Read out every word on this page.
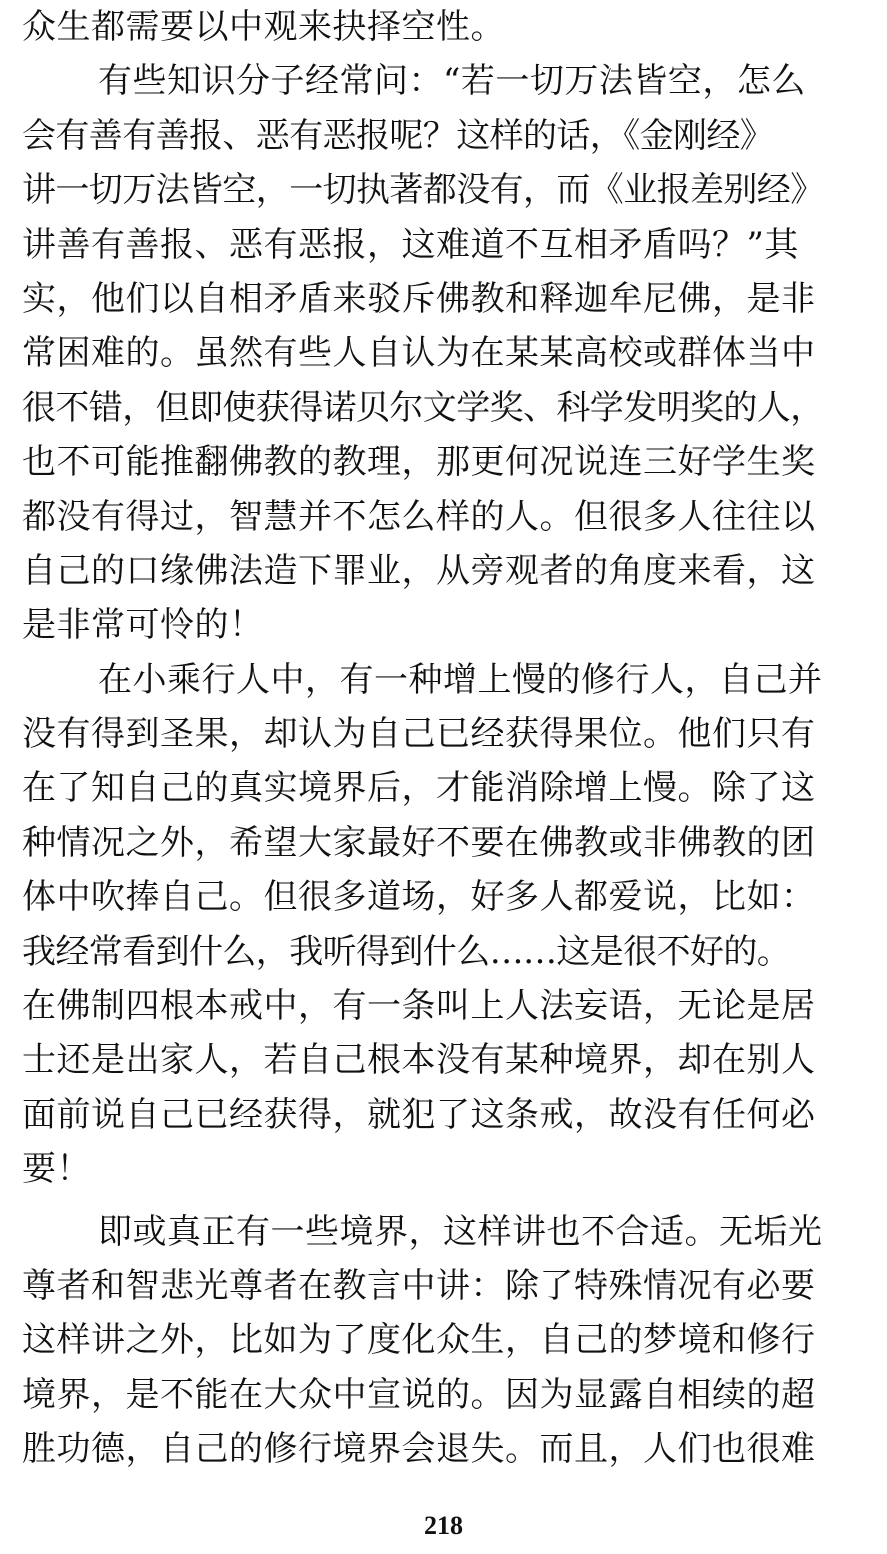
众生都需要以中观来抉择空性。
有些知识分子经常问：“若一切万法皆空，怎么
会有善有善报、恶有恶报呢？这样的话，《金刚经》
讲一切万法皆空，一切执著都没有，而《业报差别经》
讲善有善报、恶有恶报，这难道不互相矛盾吗？”其
实，他们以自相矛盾来驳斥佛教和释迦牟尼佛，是非
常困难的。虽然有些人自认为在某某高校或群体当中
很不错，但即使获得诺贝尔文学奖、科学发明奖的人，
也不可能推翻佛教的教理，那更何况说连三好学生奖
都没有得过，智慧并不怎么样的人。但很多人往往以
自己的口缘佛法造下罪业，从旁观者的角度来看，这
是非常可怜的！
在小乘行人中，有一种增上慢的修行人，自己并
没有得到圣果，却认为自己已经获得果位。他们只有
在了知自己的真实境界后，才能消除增上慢。除了这
种情况之外，希望大家最好不要在佛教或非佛教的团
体中吹捧自己。但很多道场，好多人都爱说，比如：
我经常看到什么，我听得到什么……这是很不好的。
在佛制四根本戒中，有一条叫上人法妄语，无论是居
士还是出家人，若自己根本没有某种境界，却在别人
面前说自己已经获得，就犯了这条戒，故没有任何必
要！
即或真正有一些境界，这样讲也不合适。无垢光
尊者和智悲光尊者在教言中讲：除了特殊情况有必要
这样讲之外，比如为了度化众生，自己的梦境和修行
境界，是不能在大众中宣说的。因为显露自相续的超
胜功德，自己的修行境界会退失。而且，人们也很难
218
